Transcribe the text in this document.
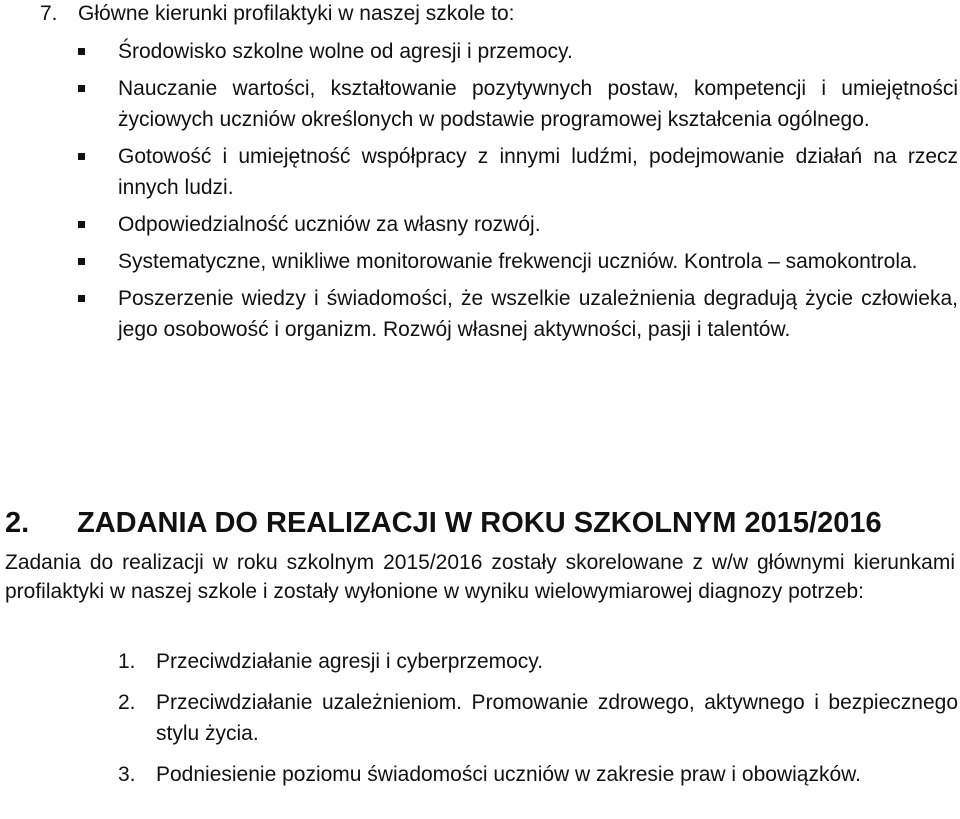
7. Główne kierunki profilaktyki w naszej szkole to:

Środowisko szkolne wolne od agresji i przemocy.
Nauczanie wartości, kształtowanie pozytywnych postaw, kompetencji i umiejętności życiowych uczniów określonych w podstawie programowej kształcenia ogólnego.
Gotowość i umiejętność współpracy z innymi ludźmi, podejmowanie działań na rzecz innych ludzi.
Odpowiedzialność uczniów za własny rozwój.
Systematyczne, wnikliwe monitorowanie frekwencji uczniów. Kontrola – samokontrola.
Poszerzenie wiedzy i świadomości, że wszelkie uzależnienia degradują życie człowieka, jego osobowość i organizm. Rozwój własnej aktywności, pasji i talentów.
2. ZADANIA DO REALIZACJI W ROKU SZKOLNYM 2015/2016

Zadania do realizacji w roku szkolnym 2015/2016 zostały skorelowane z w/w głównymi kierunkami profilaktyki w naszej szkole i zostały wyłonione w wyniku wielowymiarowej diagnozy potrzeb:

1. Przeciwdziałanie agresji i cyberprzemocy.
2. Przeciwdziałanie uzależnieniom. Promowanie zdrowego, aktywnego i bezpiecznego stylu życia.
3. Podniesienie poziomu świadomości uczniów w zakresie praw i obowiązków.
